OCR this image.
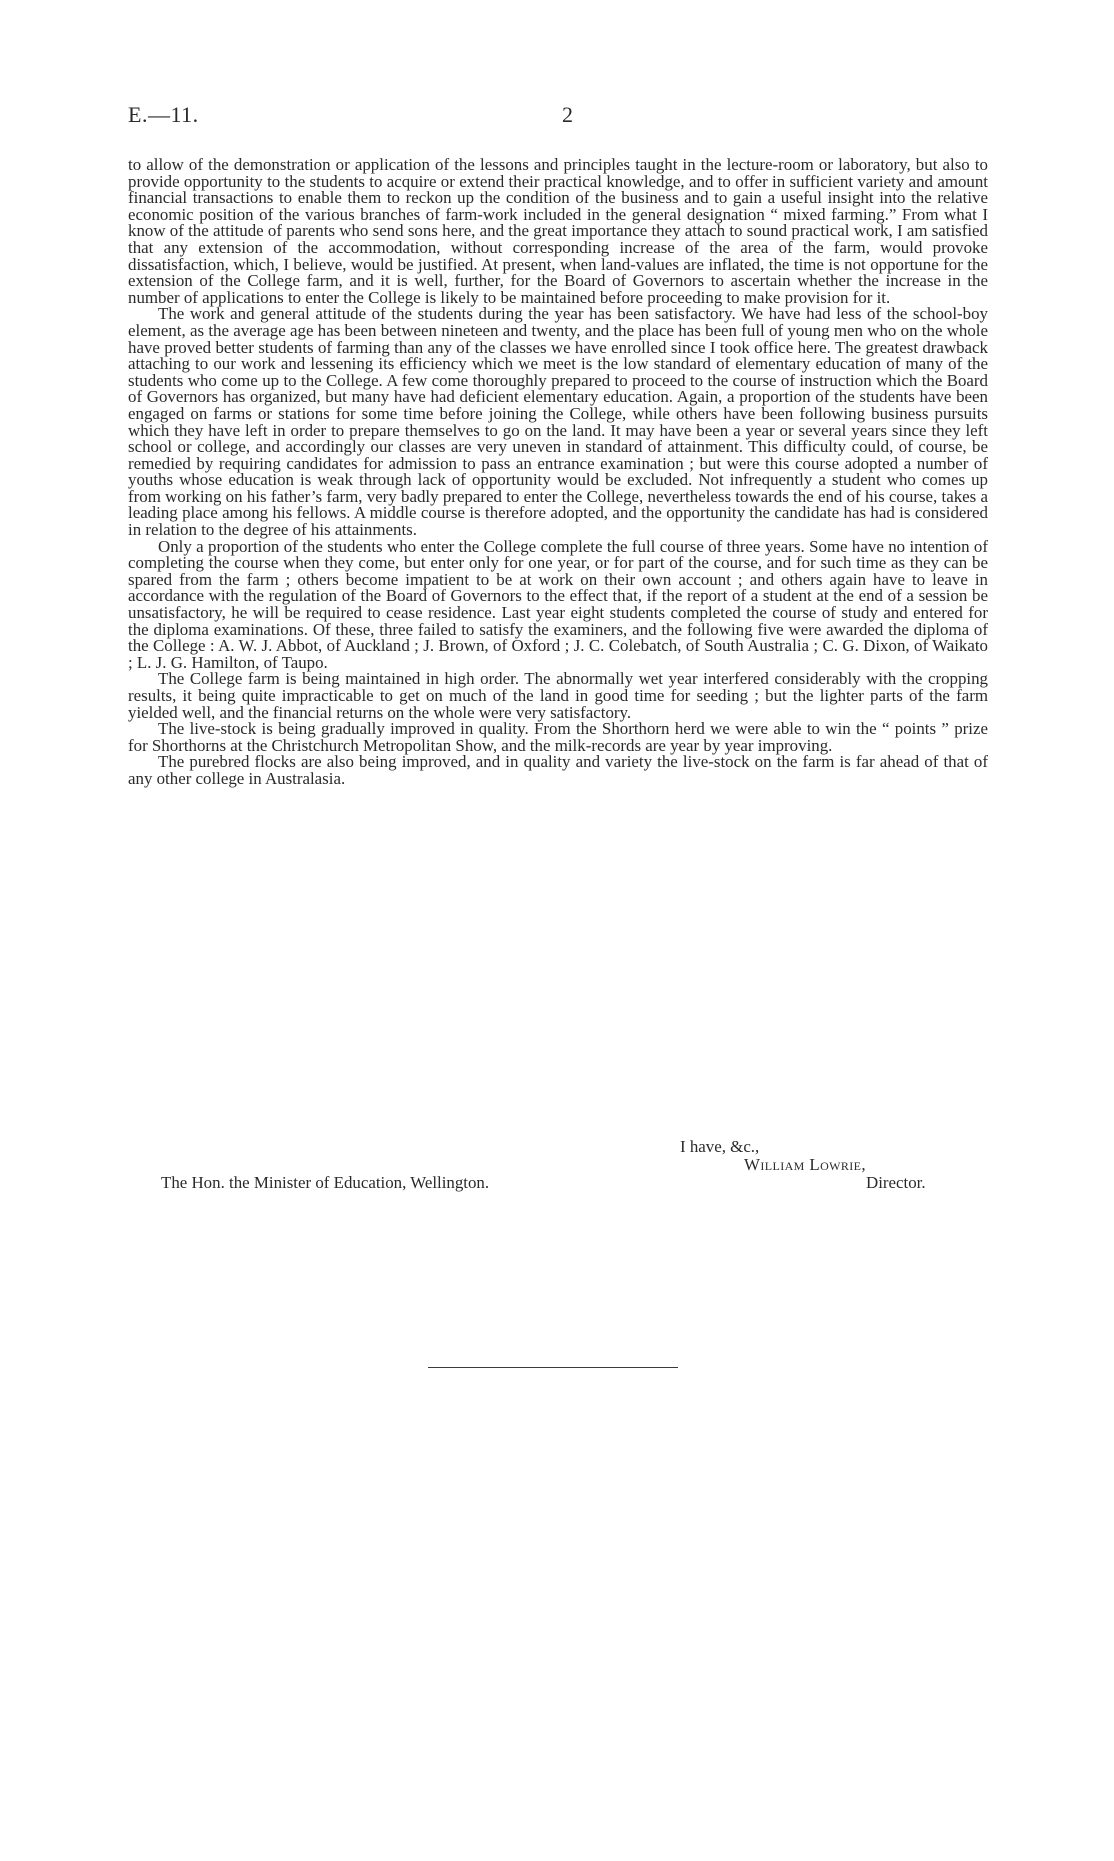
E.—11.	2

to allow of the demonstration or application of the lessons and principles taught in the lecture-room or laboratory, but also to provide opportunity to the students to acquire or extend their practical knowledge, and to offer in sufficient variety and amount financial transactions to enable them to reckon up the condition of the business and to gain a useful insight into the relative economic position of the various branches of farm-work included in the general designation “ mixed farming.” From what I know of the attitude of parents who send sons here, and the great importance they attach to sound practical work, I am satisfied that any extension of the accommodation, without corresponding increase of the area of the farm, would provoke dissatisfaction, which, I believe, would be justified. At present, when land-values are inflated, the time is not opportune for the extension of the College farm, and it is well, further, for the Board of Governors to ascertain whether the increase in the number of applications to enter the College is likely to be maintained before proceeding to make provision for it.

The work and general attitude of the students during the year has been satisfactory. We have had less of the school-boy element, as the average age has been between nineteen and twenty, and the place has been full of young men who on the whole have proved better students of farming than any of the classes we have enrolled since I took office here. The greatest drawback attaching to our work and lessening its efficiency which we meet is the low standard of elementary education of many of the students who come up to the College. A few come thoroughly prepared to proceed to the course of instruction which the Board of Governors has organized, but many have had deficient elementary education. Again, a proportion of the students have been engaged on farms or stations for some time before joining the College, while others have been following business pursuits which they have left in order to prepare themselves to go on the land. It may have been a year or several years since they left school or college, and accordingly our classes are very uneven in standard of attainment. This difficulty could, of course, be remedied by requiring candidates for admission to pass an entrance examination ; but were this course adopted a number of youths whose education is weak through lack of opportunity would be excluded. Not infrequently a student who comes up from working on his father’s farm, very badly prepared to enter the College, nevertheless towards the end of his course, takes a leading place among his fellows. A middle course is therefore adopted, and the opportunity the candidate has had is considered in relation to the degree of his attainments.

Only a proportion of the students who enter the College complete the full course of three years. Some have no intention of completing the course when they come, but enter only for one year, or for part of the course, and for such time as they can be spared from the farm ; others become impatient to be at work on their own account ; and others again have to leave in accordance with the regulation of the Board of Governors to the effect that, if the report of a student at the end of a session be unsatisfactory, he will be required to cease residence. Last year eight students completed the course of study and entered for the diploma examinations. Of these, three failed to satisfy the examiners, and the following five were awarded the diploma of the College : A. W. J. Abbot, of Auckland ; J. Brown, of Oxford ; J. C. Colebatch, of South Australia ; C. G. Dixon, of Waikato ; L. J. G. Hamilton, of Taupo.

The College farm is being maintained in high order. The abnormally wet year interfered considerably with the cropping results, it being quite impracticable to get on much of the land in good time for seeding ; but the lighter parts of the farm yielded well, and the financial returns on the whole were very satisfactory.

The live-stock is being gradually improved in quality. From the Shorthorn herd we were able to win the “ points ” prize for Shorthorns at the Christchurch Metropolitan Show, and the milk-records are year by year improving.

The purebred flocks are also being improved, and in quality and variety the live-stock on the farm is far ahead of that of any other college in Australasia.

I have, &c.,
William Lowrie,
The Hon. the Minister of Education, Wellington.	Director.
